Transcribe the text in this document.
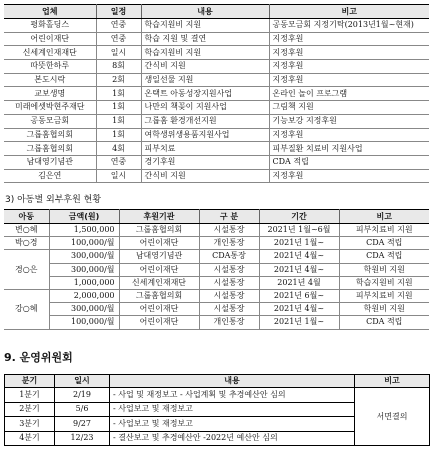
업체	일정	내용	비고
평화홀딩스	연중	학습지원비 지원	공동모금회 지정기탁(2013년1월~현재)
어린이재단	연중	학습 지원 및 결연	지정후원
신세계인재재단	일시	학습지원비 지원	지정후원
따뜻한하루	8회	간식비 지원	지정후원
본도시락	2회	생일선물 지원	지정후원
교보생명	1회	온택트 아동성장지원사업	온라인 놀이 프로그램
미래에셋박현주재단	1회	나만의 책꽂이 지원사업	그림책 지원
공동모금회	1회	그룹홈 환경개선지원	기능보강 지정후원
그룹홈협의회	1회	여학생위생용품지원사업	지정후원
그룹홈협의회	4회	피부치료	피부질환 치료비 지원사업
남대영기념관	연중	경기후원	CDA 적립
김은연	일시	간식비 지원	지정후원
3) 아동별 외부후원 현황
아동	금액(원)	후원기관	구 분	기간	비고
변○혜	1,500,000	그룹홈협의회	시설통장	2021년 1월~6월	피부치료비 지원
박○경	100,000/월	어린이재단	개인통장	2021년 1월~	CDA 적립
경○은	300,000/월	남대영기념관	CDA통장	2021년 4월~	CDA 적립
	300,000/월	어린이재단	시설통장	2021년 4월~	학원비 지원
	1,000,000	신세계인재재단	시설통장	2021년 4월	학습지원비 지원
강○혜	2,000,000	그룹홈협의회	시설통장	2021년 6월~	피부치료비 지원
	300,000/월	어린이재단	시설통장	2021년 4월~	학원비 지원
	100,000/월	어린이재단	개인통장	2021년 1월~	CDA 적립
9. 운영위원회
분기	일시	내용	비고
1분기	2/19	- 사업 및 재정보고 - 사업계획 및 추경예산안 심의	서면결의
2분기	5/6	- 사업보고 및 재정보고	
3분기	9/27	- 사업보고 및 재정보고	
4분기	12/23	- 결산보고 및 추경예산안 -2022년 예산안 심의	
